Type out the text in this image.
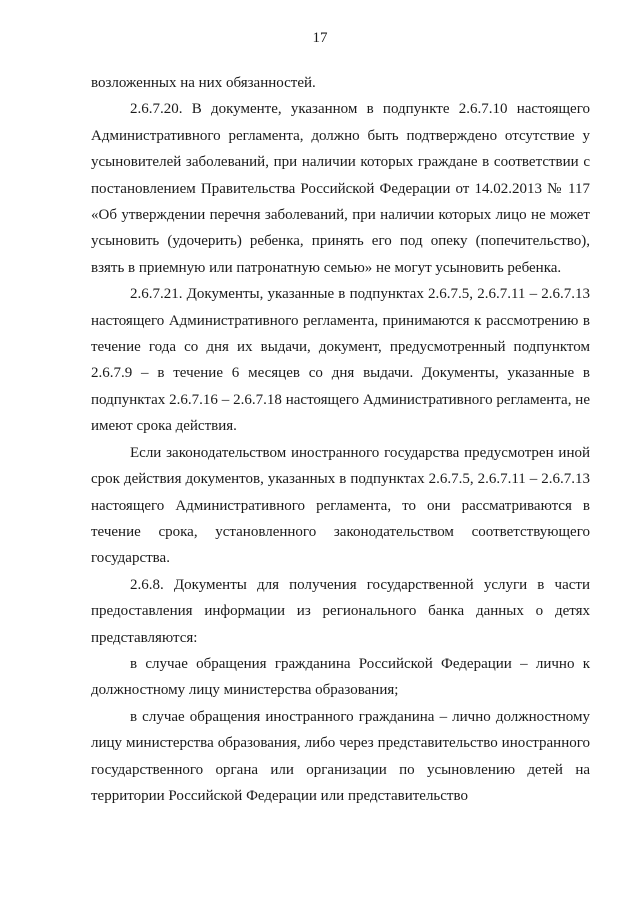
17

возложенных на них обязанностей.

2.6.7.20. В документе, указанном в подпункте 2.6.7.10 настоящего Административного регламента, должно быть подтверждено отсутствие у усыновителей заболеваний, при наличии которых граждане в соответствии с постановлением Правительства Российской Федерации от 14.02.2013 № 117 «Об утверждении перечня заболеваний, при наличии которых лицо не может усыновить (удочерить) ребенка, принять его под опеку (попечительство), взять в приемную или патронатную семью» не могут усыновить ребенка.

2.6.7.21. Документы, указанные в подпунктах 2.6.7.5, 2.6.7.11 – 2.6.7.13 настоящего Административного регламента, принимаются к рассмотрению в течение года со дня их выдачи, документ, предусмотренный подпунктом 2.6.7.9 – в течение 6 месяцев со дня выдачи. Документы, указанные в подпунктах 2.6.7.16 – 2.6.7.18 настоящего Административного регламента, не имеют срока действия.

Если законодательством иностранного государства предусмотрен иной срок действия документов, указанных в подпунктах 2.6.7.5, 2.6.7.11 – 2.6.7.13 настоящего Административного регламента, то они рассматриваются в течение срока, установленного законодательством соответствующего государства.

2.6.8. Документы для получения государственной услуги в части предоставления информации из регионального банка данных о детях представляются:

в случае обращения гражданина Российской Федерации – лично к должностному лицу министерства образования;

в случае обращения иностранного гражданина – лично должностному лицу министерства образования, либо через представительство иностранного государственного органа или организации по усыновлению детей на территории Российской Федерации или представительство
